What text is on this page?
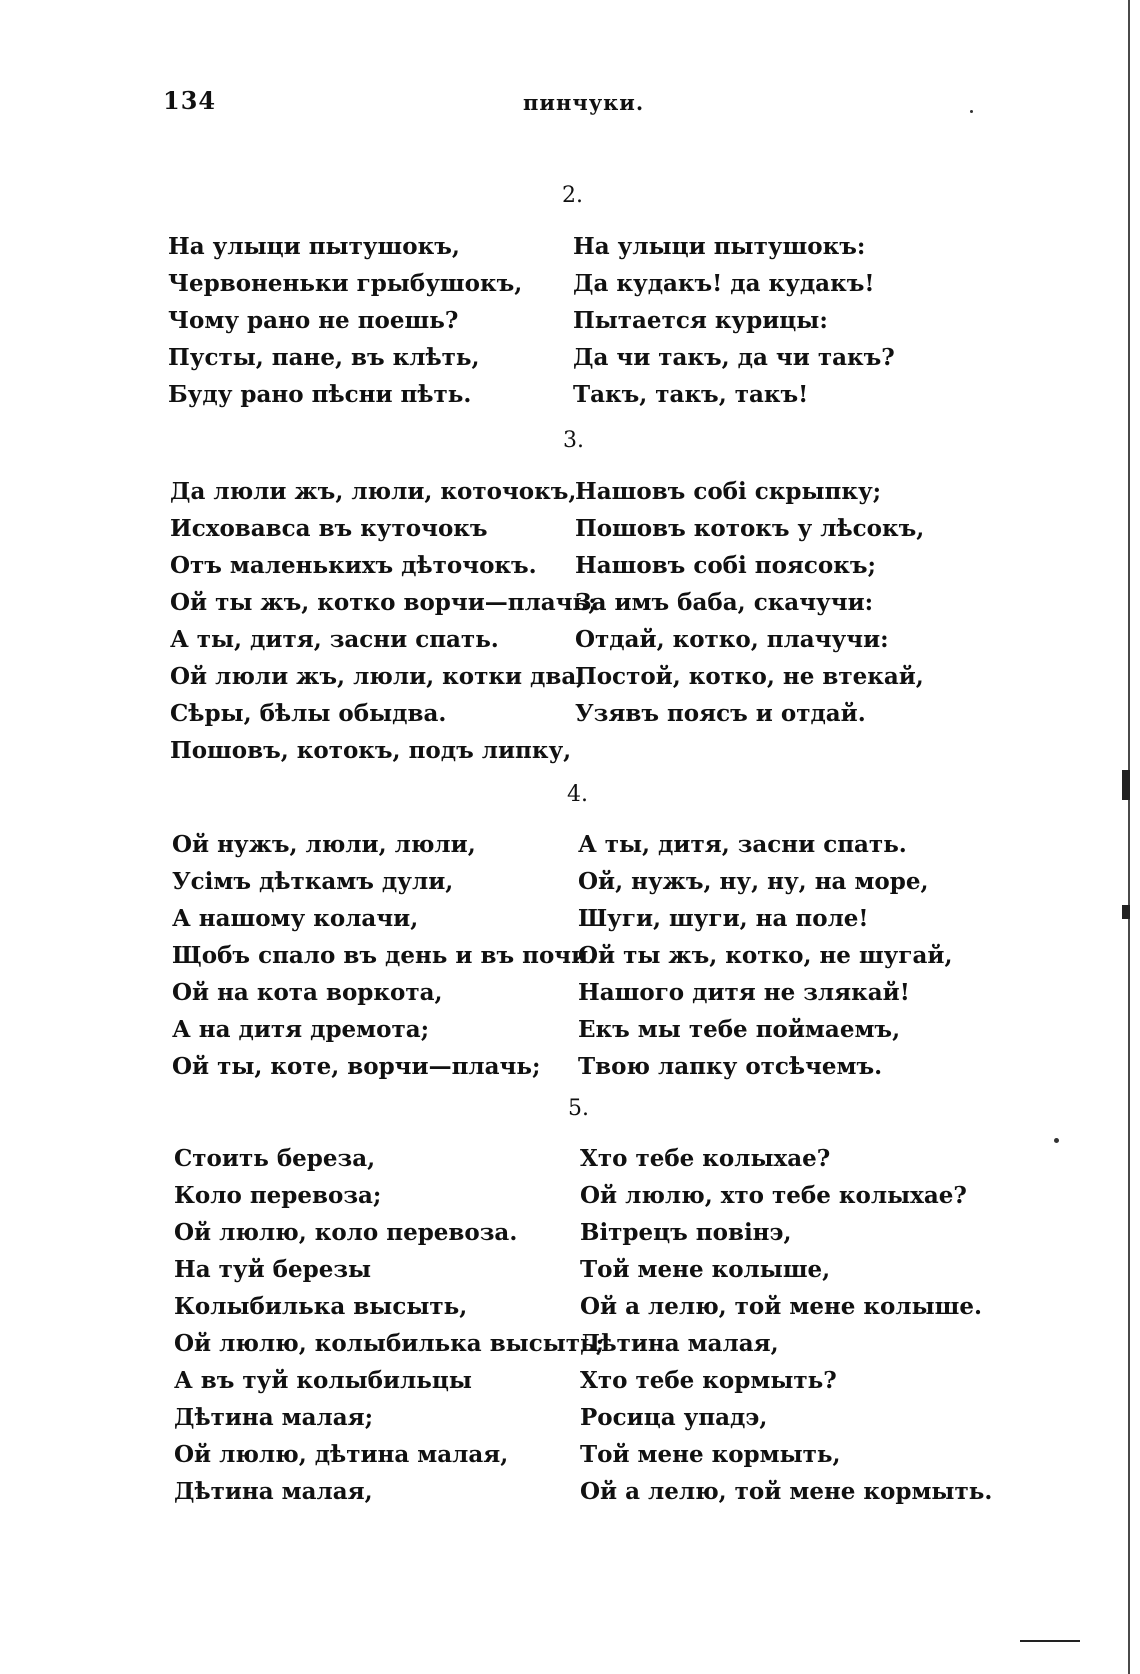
134	пинчуки.
На улыци пытушокъ,
Червоненьки грыбушокъ,
Чому рано не поешь?
Пусты, пане, въ клѣть,
Буду рано пѣсни пѣть.
Да люли жъ, люли, коточокъ,
Исховавса въ куточокъ
Отъ маленькихъ дѣточокъ.
Ой ты жъ, котко ворчи—плачь;
А ты, дитя, засни спать.
Ой люли жъ, люли, котки два,
Сѣры, бѣлы обыдва.
Пошовъ, котокъ, подъ липку,
Ой нужъ, люли, люли,
Усімъ дѣткамъ дули,
А нашому колачи,
Щобъ спало въ день и въ почи.
Ой на кота воркота,
А на дитя дремота;
Ой ты, коте, ворчи—плачь;
Стоить береза,
Коло перевоза;
Ой люлю, коло перевоза.
На туй березы
Колыбилька высыть,
Ой люлю, колыбилька высыть;
А въ туй колыбильцы
Дѣтина малая;
Ой люлю, дѣтина малая,
Дѣтина малая,
2.
На улыци пытушокъ:
Да кудакъ! да кудакъ!
Пытается курицы:
Да чи такъ, да чи такъ?
Такъ, такъ, такъ!
3.
Нашовъ собі скрыпку;
Пошовъ котокъ у лѣсокъ,
Нашовъ собі поясокъ;
За имъ баба, скачучи:
Отдай, котко, плачучи:
Постой, котко, не втекай,
Узявъ поясъ и отдай.
4.
А ты, дитя, засни спать.
Ой, нужъ, ну, ну, на море,
Шуги, шуги, на поле!
Ой ты жъ, котко, не шугай,
Нашого дитя не злякай!
Екъ мы тебе поймаемъ,
Твою лапку отсѣчемъ.
5.
Хто тебе колыхае?
Ой люлю, хто тебе колыхае?
Вітрецъ повінэ,
Той мене колыше,
Ой а лелю, той мене колыше.
Дѣтина малая,
Хто тебе кормыть?
Росица упадэ,
Той мене кормыть,
Ой а лелю, той мене кормыть.
